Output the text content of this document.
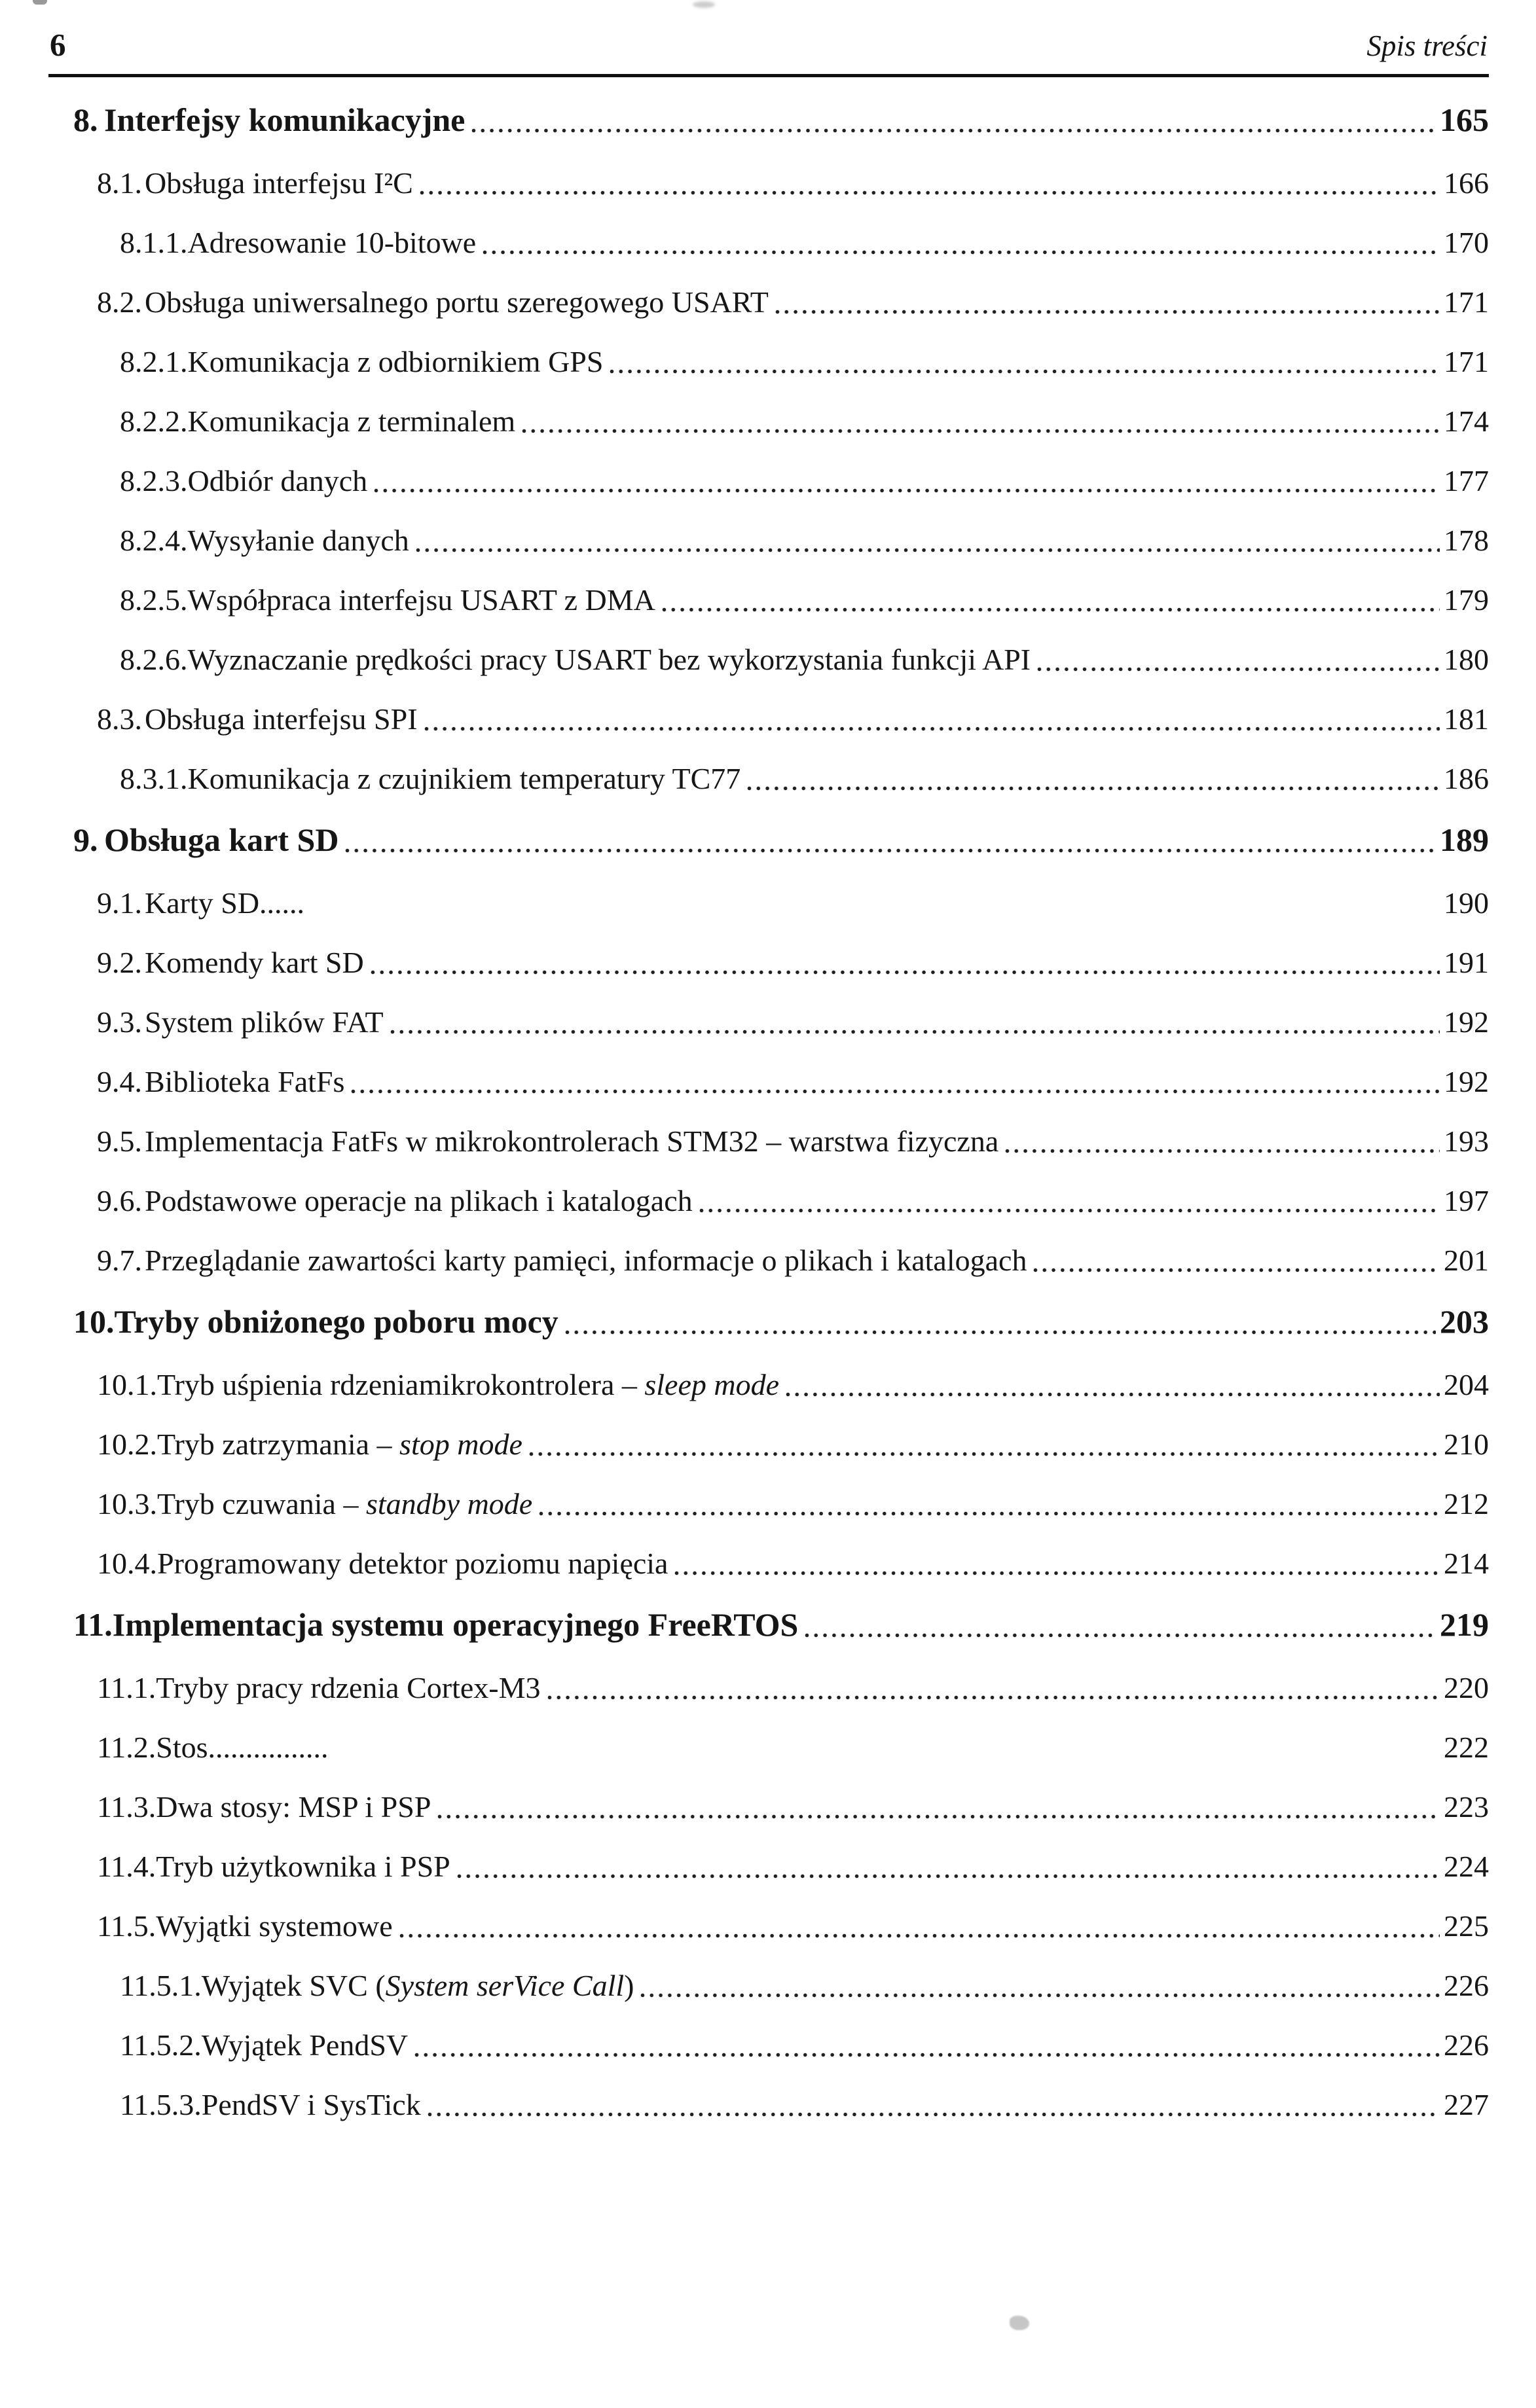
6	Spis treści
8. Interfejsy komunikacyjne	165
8.1. Obsługa interfejsu I²C	166
8.1.1. Adresowanie 10-bitowe	170
8.2. Obsługa uniwersalnego portu szeregowego USART	171
8.2.1. Komunikacja z odbiornikiem GPS	171
8.2.2. Komunikacja z terminalem	174
8.2.3. Odbiór danych	177
8.2.4. Wysyłanie danych	178
8.2.5. Współpraca interfejsu USART z DMA	179
8.2.6. Wyznaczanie prędkości pracy USART bez wykorzystania funkcji API	180
8.3. Obsługa interfejsu SPI	181
8.3.1. Komunikacja z czujnikiem temperatury TC77	186
9. Obsługa kart SD	189
9.1. Karty SD......	190
9.2. Komendy kart SD	191
9.3. System plików FAT	192
9.4. Biblioteka FatFs	192
9.5. Implementacja FatFs w mikrokontrolerach STM32 – warstwa fizyczna	193
9.6. Podstawowe operacje na plikach i katalogach	197
9.7. Przeglądanie zawartości karty pamięci, informacje o plikach i katalogach	201
10. Tryby obniżonego poboru mocy	203
10.1. Tryb uśpienia rdzeniamikrokontrolera – sleep mode	204
10.2. Tryb zatrzymania – stop mode	210
10.3. Tryb czuwania – standby mode	212
10.4. Programowany detektor poziomu napięcia	214
11. Implementacja systemu operacyjnego FreeRTOS	219
11.1. Tryby pracy rdzenia Cortex-M3	220
11.2. Stos................	222
11.3. Dwa stosy: MSP i PSP	223
11.4. Tryb użytkownika i PSP	224
11.5. Wyjątki systemowe	225
11.5.1. Wyjątek SVC (System serVice Call)	226
11.5.2. Wyjątek PendSV	226
11.5.3. PendSV i SysTick	227
